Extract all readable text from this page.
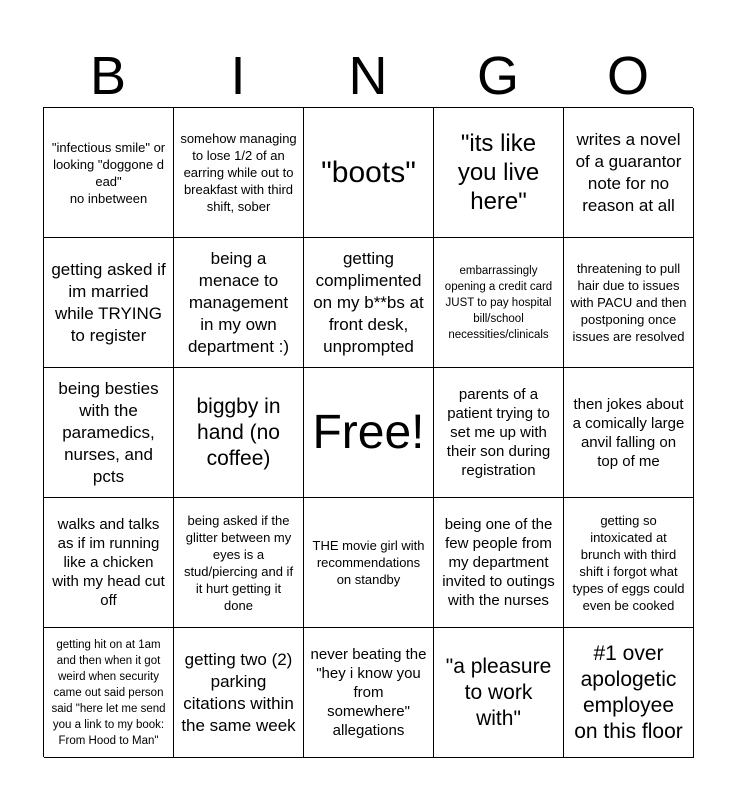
B	I	N	G	O
"infectious smile" or looking "doggone d ead"
no inbetween
somehow managing to lose 1/2 of an earring while out to breakfast with third shift, sober
"boots"
"its like you live here"
writes a novel of a guarantor note for no reason at all
getting asked if im married while TRYING to register
being a menace to management in my own department :)
getting complimented on my b**bs at front desk, unprompted
embarrassingly opening a credit card JUST to pay hospital bill/school necessities/clinicals
threatening to pull hair due to issues with PACU and then postponing once issues are resolved
being besties with the paramedics, nurses, and pcts
biggby in hand (no coffee) Free!
parents of a patient trying to set me up with their son during registration
then jokes about a comically large anvil falling on top of me
walks and talks as if im running like a chicken with my head cut off
being asked if the glitter between my eyes is a stud/piercing and if it hurt getting it done
THE movie girl with recommendations on standby
being one of the few people from my department invited to outings with the nurses
getting so intoxicated at brunch with third shift i forgot what types of eggs could even be cooked
getting hit on at 1am and then when it got weird when security came out said person said "here let me send you a link to my book: From Hood to Man"
getting two (2) parking citations within the same week
never beating the "hey i know you from somewhere" allegations
"a pleasure to work with"
#1 over apologetic employee on this floor
